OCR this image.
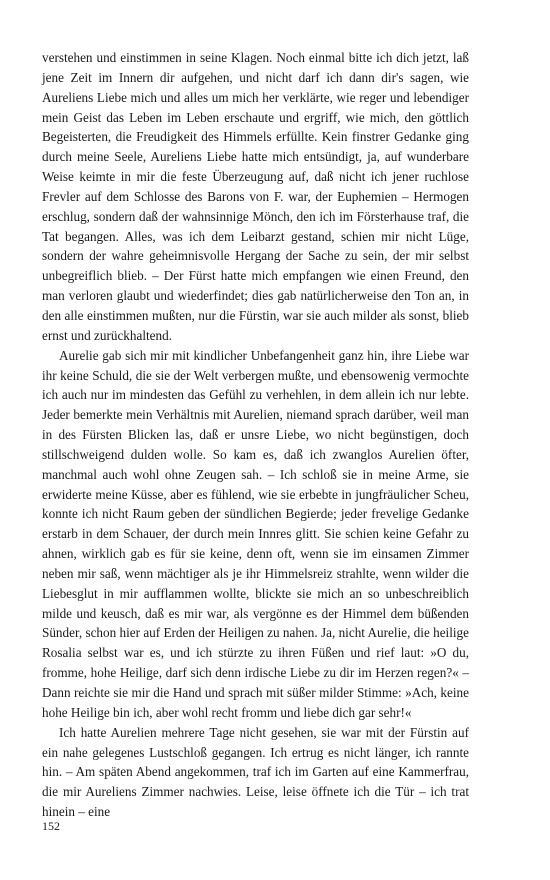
verstehen und einstimmen in seine Klagen. Noch einmal bitte ich dich jetzt, laß jene Zeit im Innern dir aufgehen, und nicht darf ich dann dir's sagen, wie Aureliens Liebe mich und alles um mich her verklärte, wie reger und lebendiger mein Geist das Leben im Leben erschaute und ergriff, wie mich, den göttlich Begeisterten, die Freudigkeit des Himmels erfüllte. Kein finstrer Gedanke ging durch meine Seele, Aureliens Liebe hatte mich entsündigt, ja, auf wunderbare Weise keimte in mir die feste Überzeugung auf, daß nicht ich jener ruchlose Frevler auf dem Schlosse des Barons von F. war, der Euphemien – Hermogen erschlug, sondern daß der wahnsinnige Mönch, den ich im Försterhause traf, die Tat begangen. Alles, was ich dem Leibarzt gestand, schien mir nicht Lüge, sondern der wahre geheimnisvolle Hergang der Sache zu sein, der mir selbst unbegreiflich blieb. – Der Fürst hatte mich empfangen wie einen Freund, den man verloren glaubt und wiederfindet; dies gab natürlicherweise den Ton an, in den alle einstimmen mußten, nur die Fürstin, war sie auch milder als sonst, blieb ernst und zurückhaltend.

Aurelie gab sich mir mit kindlicher Unbefangenheit ganz hin, ihre Liebe war ihr keine Schuld, die sie der Welt verbergen mußte, und ebensowenig vermochte ich auch nur im mindesten das Gefühl zu verhehlen, in dem allein ich nur lebte. Jeder bemerkte mein Verhältnis mit Aurelien, niemand sprach darüber, weil man in des Fürsten Blicken las, daß er unsre Liebe, wo nicht begünstigen, doch stillschweigend dulden wolle. So kam es, daß ich zwanglos Aurelien öfter, manchmal auch wohl ohne Zeugen sah. – Ich schloß sie in meine Arme, sie erwiderte meine Küsse, aber es fühlend, wie sie erbebte in jungfräulicher Scheu, konnte ich nicht Raum geben der sündlichen Begierde; jeder frevelige Gedanke erstarb in dem Schauer, der durch mein Innres glitt. Sie schien keine Gefahr zu ahnen, wirklich gab es für sie keine, denn oft, wenn sie im einsamen Zimmer neben mir saß, wenn mächtiger als je ihr Himmelsreiz strahlte, wenn wilder die Liebesglut in mir aufflammen wollte, blickte sie mich an so unbeschreiblich milde und keusch, daß es mir war, als vergönne es der Himmel dem büßenden Sünder, schon hier auf Erden der Heiligen zu nahen. Ja, nicht Aurelie, die heilige Rosalia selbst war es, und ich stürzte zu ihren Füßen und rief laut: »O du, fromme, hohe Heilige, darf sich denn irdische Liebe zu dir im Herzen regen?« – Dann reichte sie mir die Hand und sprach mit süßer milder Stimme: »Ach, keine hohe Heilige bin ich, aber wohl recht fromm und liebe dich gar sehr!«

Ich hatte Aurelien mehrere Tage nicht gesehen, sie war mit der Fürstin auf ein nahe gelegenes Lustschloß gegangen. Ich ertrug es nicht länger, ich rannte hin. – Am späten Abend angekommen, traf ich im Garten auf eine Kammerfrau, die mir Aureliens Zimmer nachwies. Leise, leise öffnete ich die Tür – ich trat hinein – eine

152
